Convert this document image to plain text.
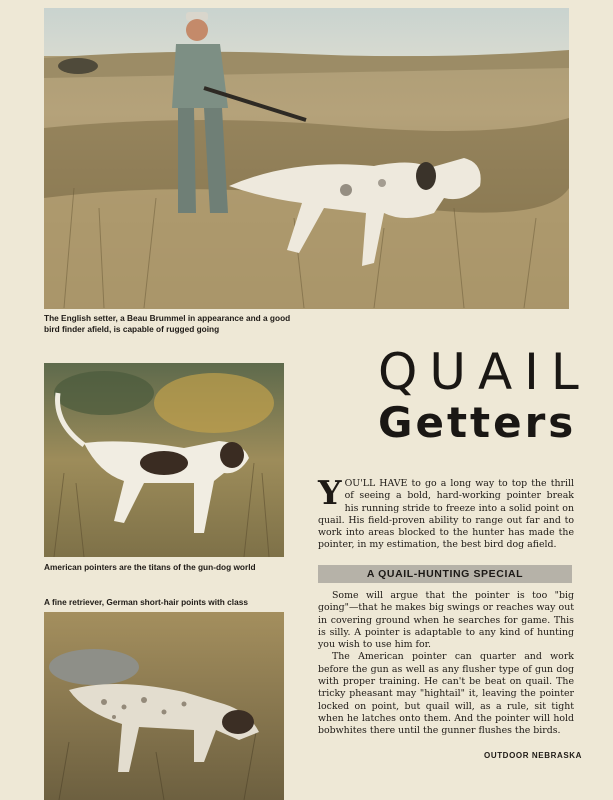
The English setter, a Beau Brummel in appearance and a good bird finder afield, is capable of rugged going
American pointers are the titans of the gun-dog world
A fine retriever, German short-hair points with class
QUAIL
Getters

YOU'LL HAVE to go a long way to top the thrill of seeing a bold, hard-working pointer break his running stride to freeze into a solid point on quail. His field-proven ability to range out far and to work into areas blocked to the hunter has made the pointer, in my estimation, the best bird dog afield.

A QUAIL-HUNTING SPECIAL

Some will argue that the pointer is too "big going"—that he makes big swings or reaches way out in covering ground when he searches for game. This is silly. A pointer is adaptable to any kind of hunting you wish to use him for.

The American pointer can quarter and work before the gun as well as any flusher type of gun dog with proper training. He can't be beat on quail. The tricky pheasant may "hightail" it, leaving the pointer locked on point, but quail will, as a rule, sit tight when he latches onto them. And the pointer will hold bobwhites there until the gunner flushes the birds.

OUTDOOR NEBRASKA
